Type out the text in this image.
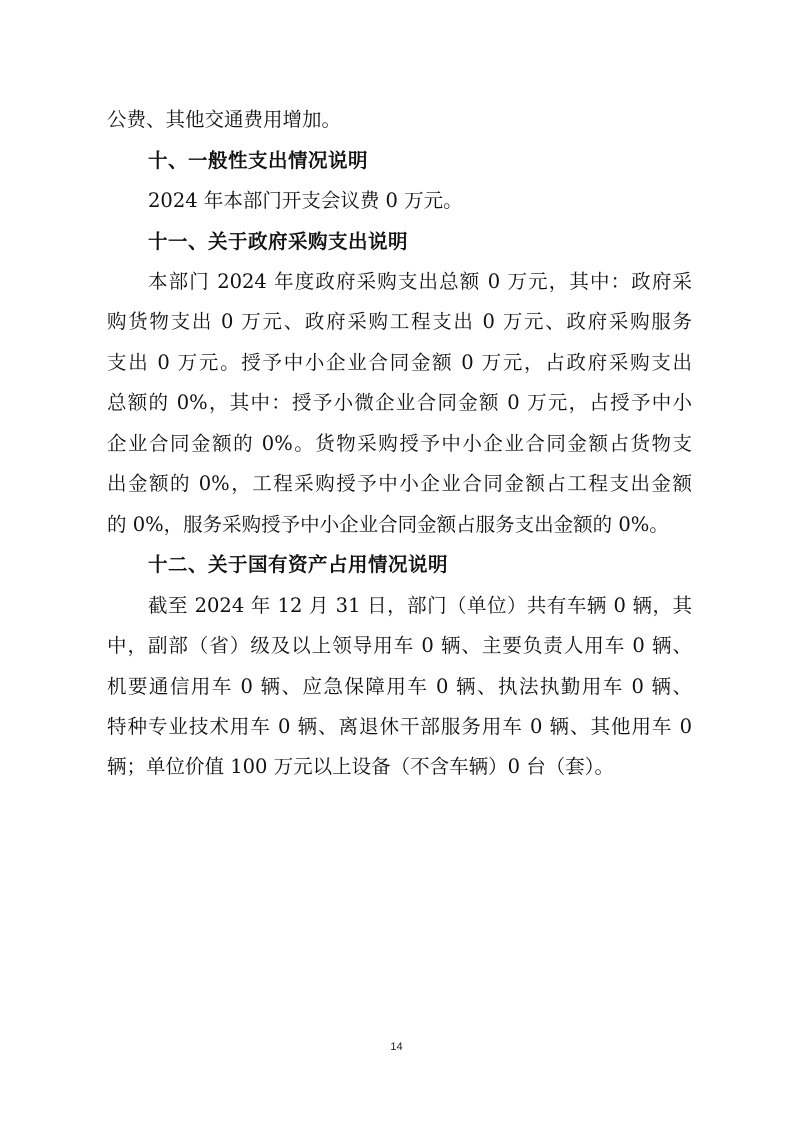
公费、其他交通费用增加。

十、一般性支出情况说明

2024 年本部门开支会议费 0 万元。

十一、关于政府采购支出说明

本部门 2024 年度政府采购支出总额 0 万元，其中：政府采

购货物支出 0 万元、政府采购工程支出 0 万元、政府采购服务

支出 0 万元。授予中小企业合同金额 0 万元，占政府采购支出

总额的 0%，其中：授予小微企业合同金额 0 万元，占授予中小

企业合同金额的 0%。货物采购授予中小企业合同金额占货物支

出金额的 0%，工程采购授予中小企业合同金额占工程支出金额

的 0%，服务采购授予中小企业合同金额占服务支出金额的 0%。

十二、关于国有资产占用情况说明

截至 2024 年 12 月 31 日，部门（单位）共有车辆 0 辆，其

中，副部（省）级及以上领导用车 0 辆、主要负责人用车 0 辆、

机要通信用车 0 辆、应急保障用车 0 辆、执法执勤用车 0 辆、

特种专业技术用车 0 辆、离退休干部服务用车 0 辆、其他用车 0

辆；单位价值 100 万元以上设备（不含车辆）0 台（套）。

14
